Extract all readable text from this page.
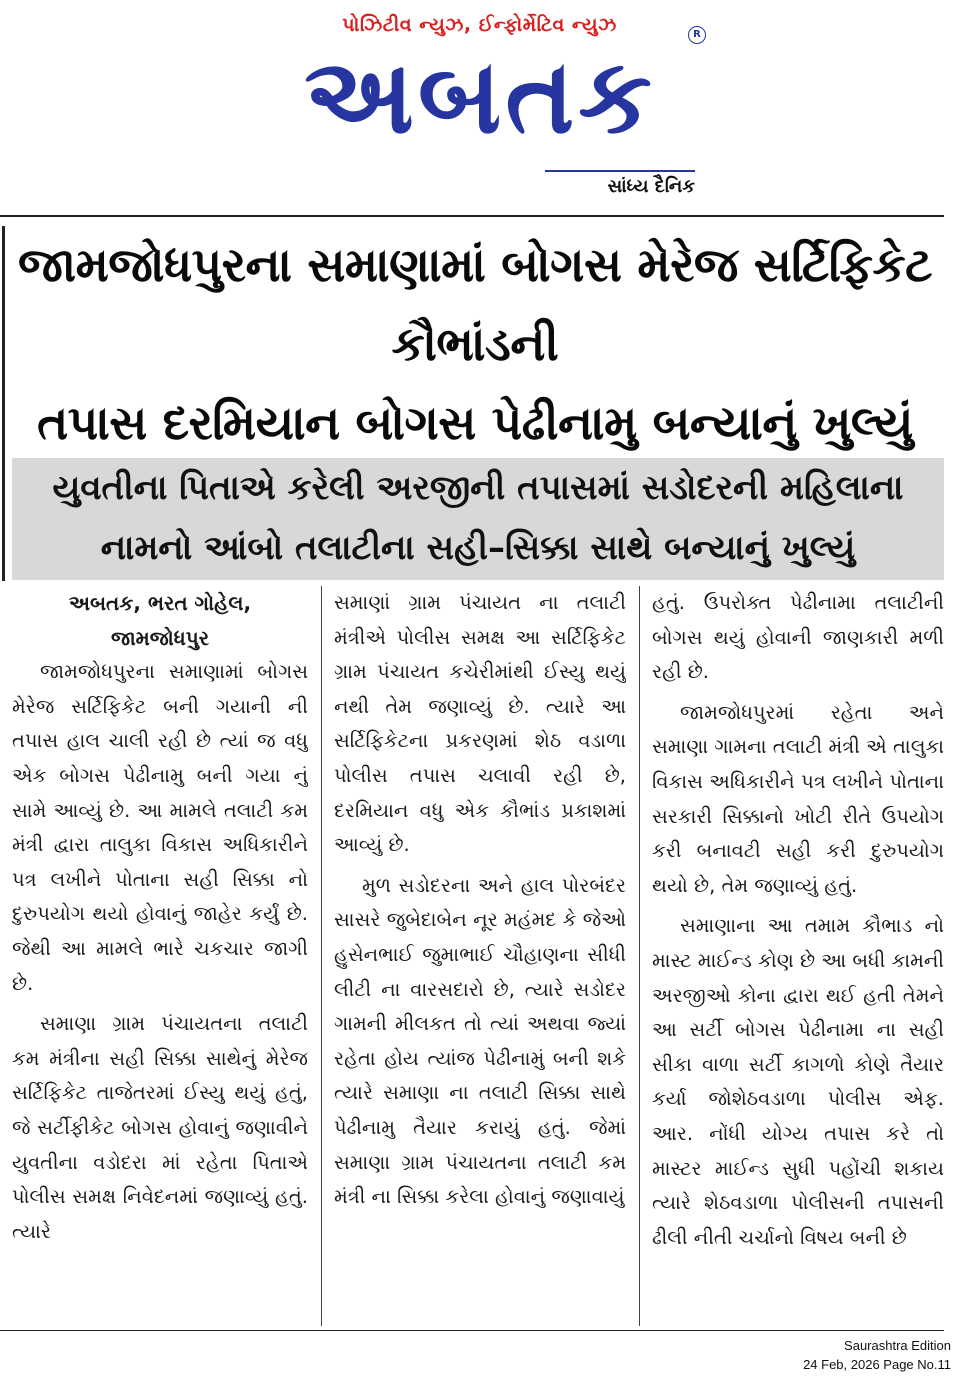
પોઝિટીવ ન્યુઝ, ઈન્ફોર્મેટિવ ન્યુઝ
અબતક
R
સાંધ્ય દૈનિક
જામજોધપુરના સમાણામાં બોગસ મેરેજ સર્ટિફિકેટ કૌભાંડની
તપાસ દરમિયાન બોગસ પેઢીનામુ બન્યાનું ખુલ્યું
યુવતીના પિતાએ કરેલી અરજીની તપાસમાં સડોદરની મહિલાના
નામનો આંબો તલાટીના સહી–સિક્કા સાથે બન્યાનું ખુલ્યું
અબતક, ભરત ગોહેલ,
જામજોધપુર

જામજોધપુરના સમાણામાં બોગસ મેરેજ સર્ટિફિકેટ બની ગયાની ની તપાસ હાલ ચાલી રહી છે ત્યાં જ વધુ એક બોગસ પેઢીનામુ બની ગયા નું સામે આવ્યું છે. આ મામલે તલાટી કમ મંત્રી દ્વારા તાલુકા વિકાસ અધિકારીને પત્ર લખીને પોતાના સહી સિક્કા નો દુરુપયોગ થયો હોવાનું જાહેર કર્યું છે. જેથી આ મામલે ભારે ચકચાર જાગી છે.

સમાણા ગ્રામ પંચાયતના તલાટી કમ મંત્રીના સહી સિક્કા સાથેનું મેરેજ સર્ટિફિકેટ તાજેતરમાં ઈસ્યુ થયું હતું, જે સર્ટીફીકેટ બોગસ હોવાનું જણાવીને યુવતીના વડોદરા માં રહેતા પિતાએ પોલીસ સમક્ષ નિવેદનમાં જણાવ્યું હતું. ત્યારે

સમાણાં ગ્રામ પંચાયત ના તલાટી મંત્રીએ પોલીસ સમક્ષ આ સર્ટિફિકેટ ગ્રામ પંચાયત કચેરીમાંથી ઈસ્યુ થયું નથી તેમ જણાવ્યું છે. ત્યારે આ સર્ટિફિકેટના પ્રકરણમાં શેઠ વડાળા પોલીસ તપાસ ચલાવી રહી છે, દરમિયાન વધુ એક કૌભાંડ પ્રકાશમાં આવ્યું છે.

મુળ સડોદરના અને હાલ પોરબંદર સાસરે જુબેદાબેન નૂર મહંમદ કે જેઓ હુસેનભાઈ જુમાભાઈ ચૌહાણના સીધી લીટી ના વારસદારો છે, ત્યારે સડોદર ગામની મીલકત તો ત્યાં અથવા જ્યાં રહેતા હોય ત્યાંજ પેઢીનામું બની શકે ત્યારે સમાણા ના તલાટી સિક્કા સાથે પેઢીનામુ તૈયાર કરાયું હતું. જેમાં સમાણા ગ્રામ પંચાયતના તલાટી કમ મંત્રી ના સિક્કા કરેલા હોવાનું જણાવાયું

હતું. ઉપરોક્ત પેઢીનામા તલાટીની બોગસ થયું હોવાની જાણકારી મળી રહી છે.

જામજોધપુરમાં રહેતા અને સમાણા ગામના તલાટી મંત્રી એ તાલુકા વિકાસ અધિકારીને પત્ર લખીને પોતાના સરકારી સિક્કાનો ખોટી રીતે ઉપયોગ કરી બનાવટી સહી કરી દુરુપયોગ થયો છે, તેમ જણાવ્યું હતું.

સમાણાના આ તમામ કૌભાડ નો માસ્ટ માઈન્ડ કોણ છે આ બધી કામની અરજીઓ કોના દ્વારા થઈ હતી તેમને આ સર્ટી બોગસ પેઢીનામા ના સહી સીકા વાળા સર્ટી કાગળો કોણે તૈયાર કર્યા જોશેઠવડાળા પોલીસ એફ. આર. નોંધી યોગ્ય તપાસ કરે તો માસ્ટર માઈન્ડ સુધી પહોંચી શકાય ત્યારે શેઠવડાળા પોલીસની તપાસની ઢીલી નીતી ચર્ચાનો વિષય બની છે

Saurashtra Edition
24 Feb, 2026 Page No.11
